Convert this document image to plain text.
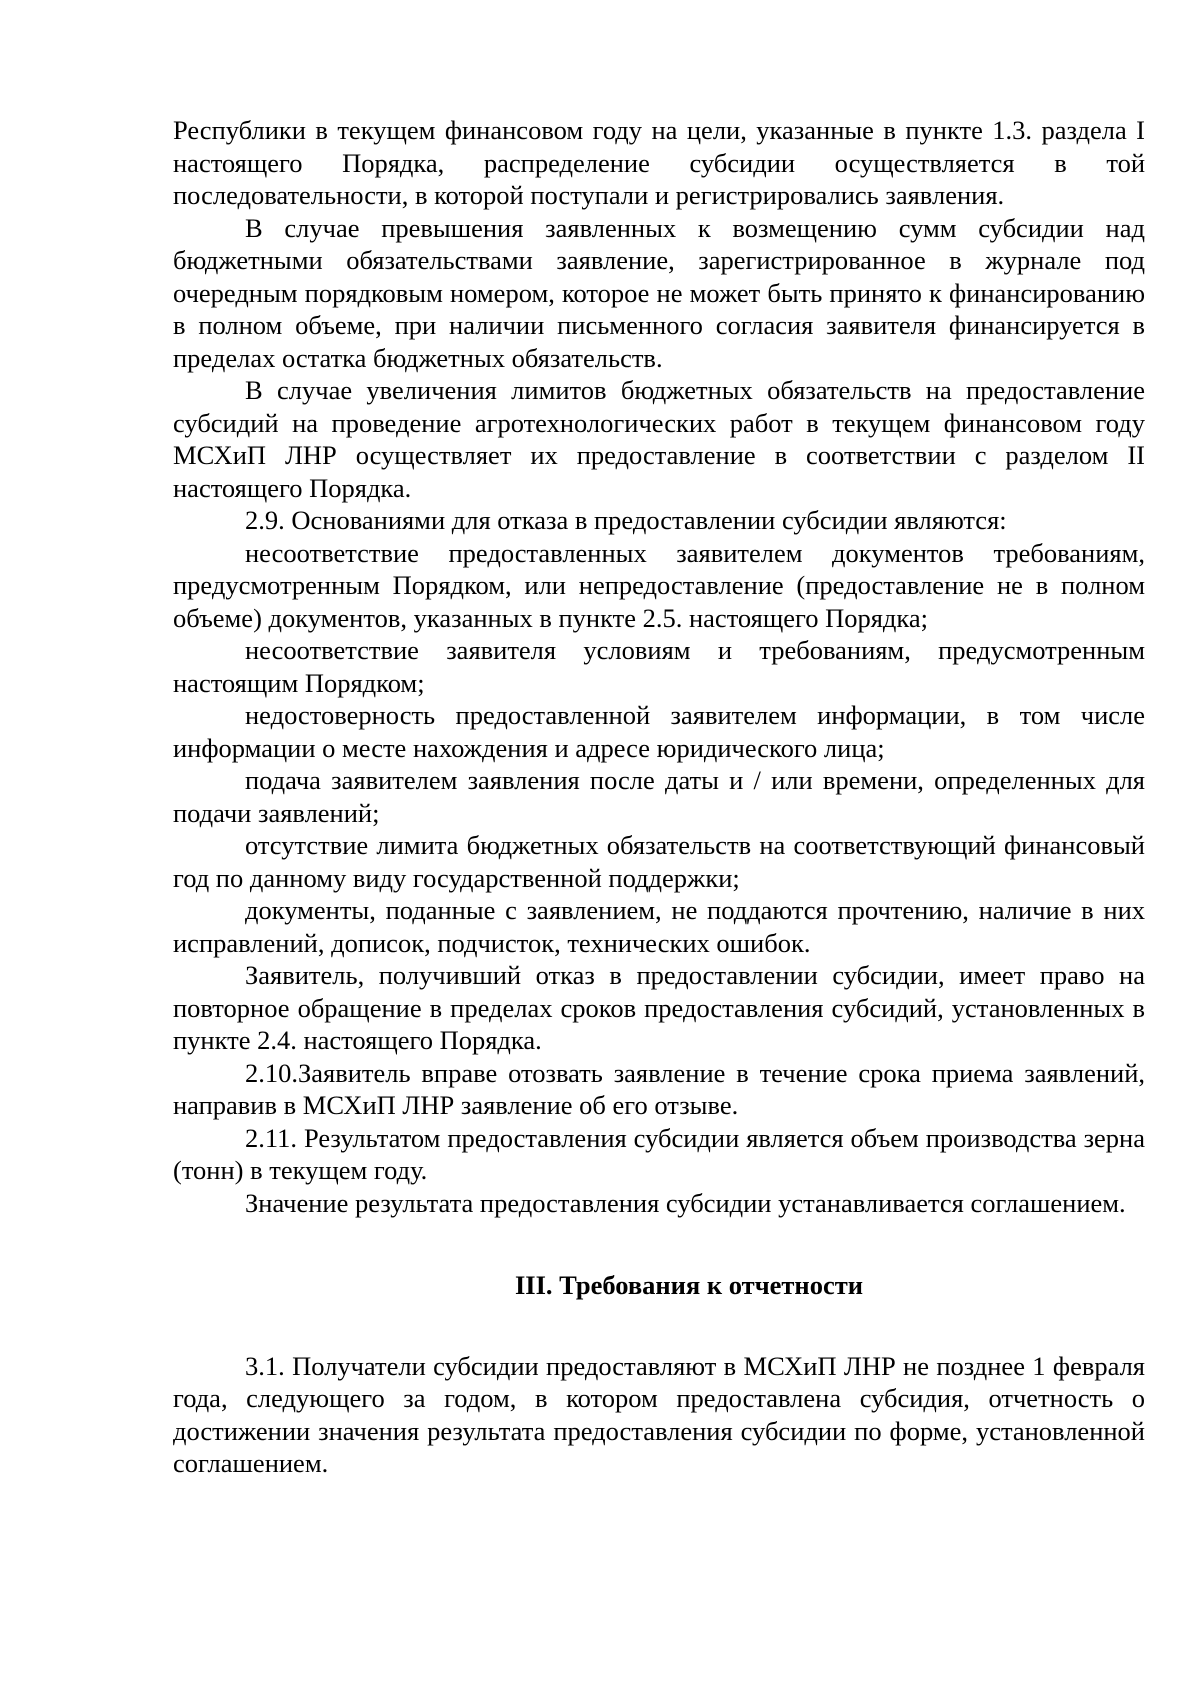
Республики в текущем финансовом году на цели, указанные в пункте 1.3. раздела I настоящего Порядка, распределение субсидии осуществляется в той последовательности, в которой поступали и регистрировались заявления.

В случае превышения заявленных к возмещению сумм субсидии над бюджетными обязательствами заявление, зарегистрированное в журнале под очередным порядковым номером, которое не может быть принято к финансированию в полном объеме, при наличии письменного согласия заявителя финансируется в пределах остатка бюджетных обязательств.

В случае увеличения лимитов бюджетных обязательств на предоставление субсидий на проведение агротехнологических работ в текущем финансовом году МСХиП ЛНР осуществляет их предоставление в соответствии с разделом II настоящего Порядка.

2.9. Основаниями для отказа в предоставлении субсидии являются:

несоответствие предоставленных заявителем документов требованиям, предусмотренным Порядком, или непредоставление (предоставление не в полном объеме) документов, указанных в пункте 2.5. настоящего Порядка;

несоответствие заявителя условиям и требованиям, предусмотренным настоящим Порядком;

недостоверность предоставленной заявителем информации, в том числе информации о месте нахождения и адресе юридического лица;

подача заявителем заявления после даты и / или времени, определенных для подачи заявлений;

отсутствие лимита бюджетных обязательств на соответствующий финансовый год по данному виду государственной поддержки;

документы, поданные с заявлением, не поддаются прочтению, наличие в них исправлений, дописок, подчисток, технических ошибок.

Заявитель, получивший отказ в предоставлении субсидии, имеет право на повторное обращение в пределах сроков предоставления субсидий, установленных в пункте 2.4. настоящего Порядка.

2.10.Заявитель вправе отозвать заявление в течение срока приема заявлений, направив в МСХиП ЛНР заявление об его отзыве.

2.11. Результатом предоставления субсидии является объем производства зерна (тонн) в текущем году.

Значение результата предоставления субсидии устанавливается соглашением.

III. Требования к отчетности

3.1. Получатели субсидии предоставляют в МСХиП ЛНР не позднее 1 февраля года, следующего за годом, в котором предоставлена субсидия, отчетность о достижении значения результата предоставления субсидии по форме, установленной соглашением.
